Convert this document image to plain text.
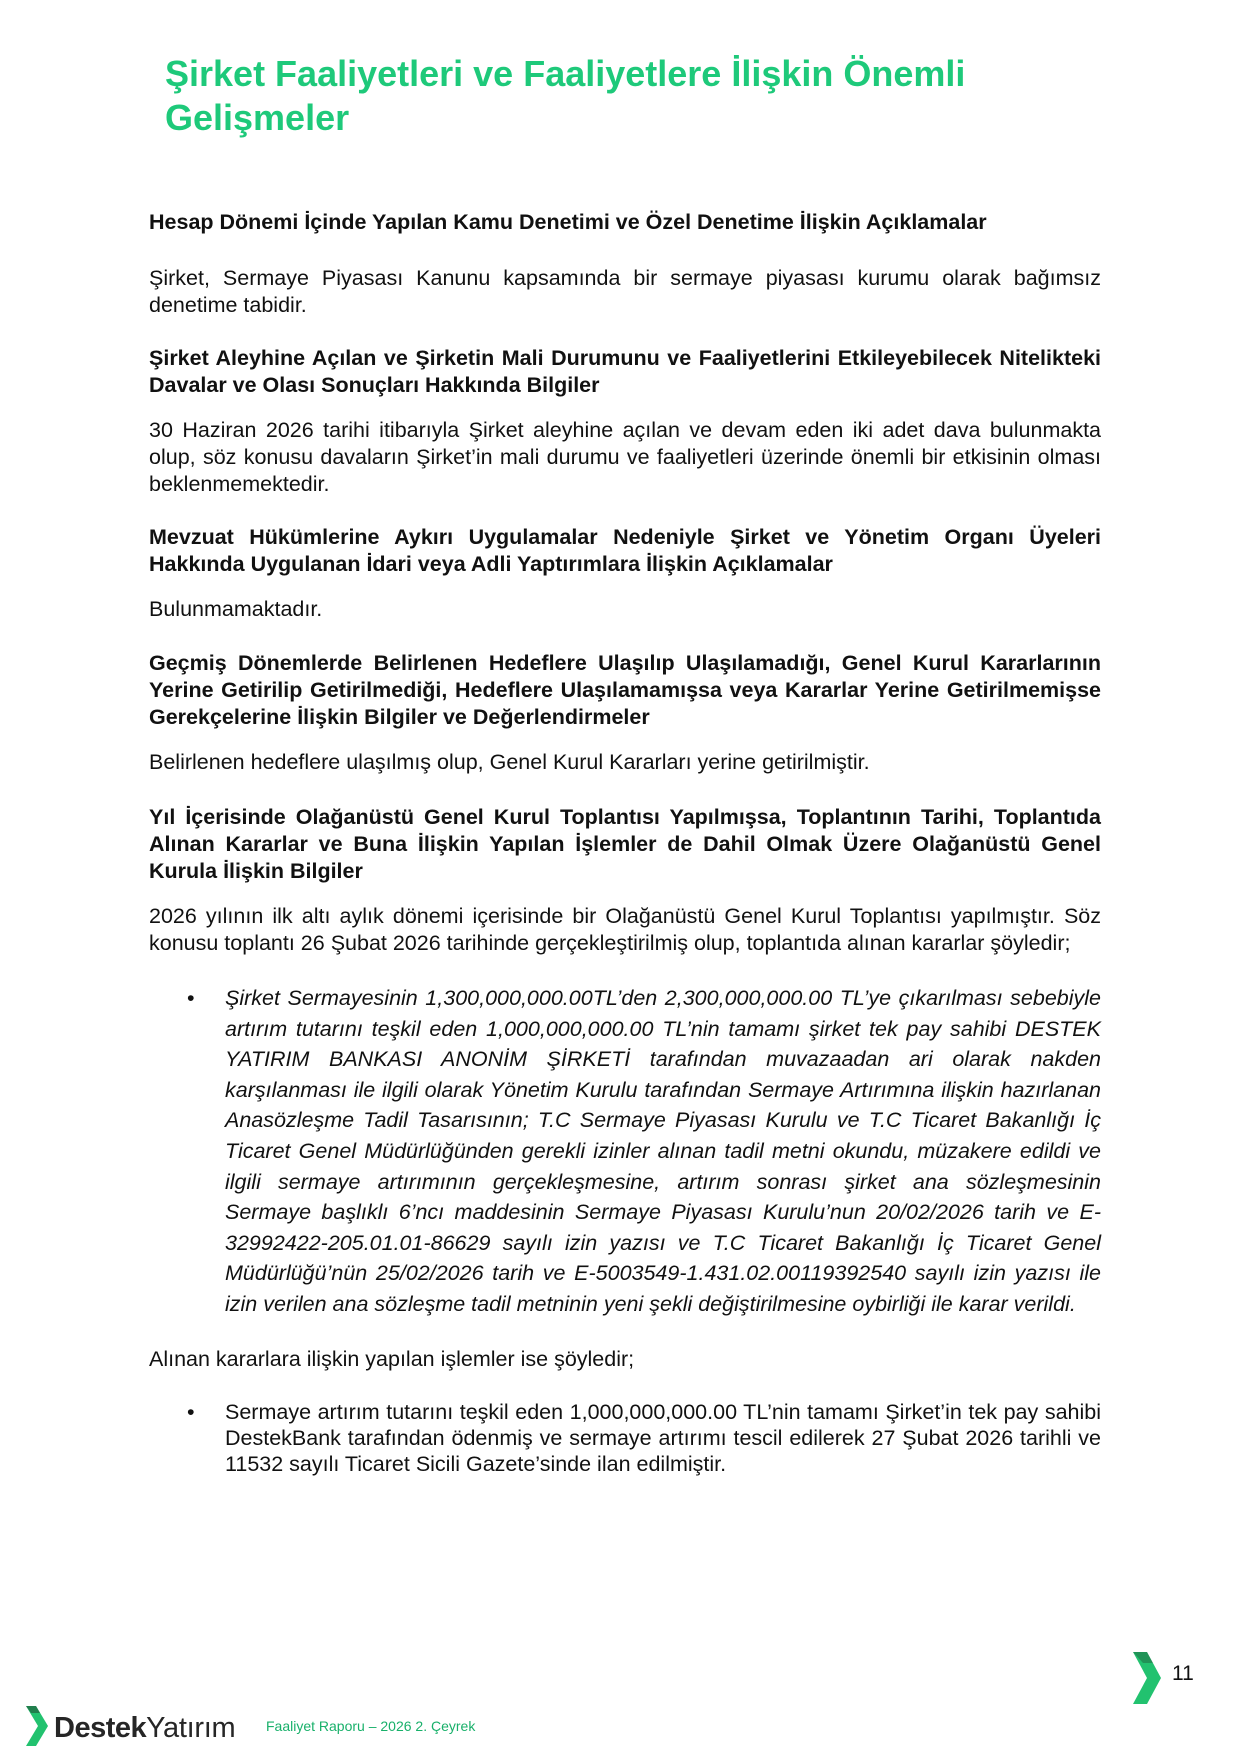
Şirket Faaliyetleri ve Faaliyetlere İlişkin Önemli Gelişmeler
Hesap Dönemi İçinde Yapılan Kamu Denetimi ve Özel Denetime İlişkin Açıklamalar
Şirket, Sermaye Piyasası Kanunu kapsamında bir sermaye piyasası kurumu olarak bağımsız denetime tabidir.
Şirket Aleyhine Açılan ve Şirketin Mali Durumunu ve Faaliyetlerini Etkileyebilecek Nitelikteki Davalar ve Olası Sonuçları Hakkında Bilgiler
30 Haziran 2026 tarihi itibarıyla Şirket aleyhine açılan ve devam eden iki adet dava bulunmakta olup, söz konusu davaların Şirket’in mali durumu ve faaliyetleri üzerinde önemli bir etkisinin olması beklenmemektedir.
Mevzuat Hükümlerine Aykırı Uygulamalar Nedeniyle Şirket ve Yönetim Organı Üyeleri Hakkında Uygulanan İdari veya Adli Yaptırımlara İlişkin Açıklamalar
Bulunmamaktadır.
Geçmiş Dönemlerde Belirlenen Hedeflere Ulaşılıp Ulaşılamadığı, Genel Kurul Kararlarının Yerine Getirilip Getirilmediği, Hedeflere Ulaşılamamışsa veya Kararlar Yerine Getirilmemişse Gerekçelerine İlişkin Bilgiler ve Değerlendirmeler
Belirlenen hedeflere ulaşılmış olup, Genel Kurul Kararları yerine getirilmiştir.
Yıl İçerisinde Olağanüstü Genel Kurul Toplantısı Yapılmışsa, Toplantının Tarihi, Toplantıda Alınan Kararlar ve Buna İlişkin Yapılan İşlemler de Dahil Olmak Üzere Olağanüstü Genel Kurula İlişkin Bilgiler
2026 yılının ilk altı aylık dönemi içerisinde bir Olağanüstü Genel Kurul Toplantısı yapılmıştır. Söz konusu toplantı 26 Şubat 2026 tarihinde gerçekleştirilmiş olup, toplantıda alınan kararlar şöyledir;
• Şirket Sermayesinin 1,300,000,000.00TL’den 2,300,000,000.00 TL’ye çıkarılması sebebiyle artırım tutarını teşkil eden 1,000,000,000.00 TL’nin tamamı şirket tek pay sahibi DESTEK YATIRIM BANKASI ANONİM ŞİRKETİ tarafından muvazaadan ari olarak nakden karşılanması ile ilgili olarak Yönetim Kurulu tarafından Sermaye Artırımına ilişkin hazırlanan Anasözleşme Tadil Tasarısının; T.C Sermaye Piyasası Kurulu ve T.C Ticaret Bakanlığı İç Ticaret Genel Müdürlüğünden gerekli izinler alınan tadil metni okundu, müzakere edildi ve ilgili sermaye artırımının gerçekleşmesine, artırım sonrası şirket ana sözleşmesinin Sermaye başlıklı 6’ncı maddesinin Sermaye Piyasası Kurulu’nun 20/02/2026 tarih ve E-32992422-205.01.01-86629 sayılı izin yazısı ve T.C Ticaret Bakanlığı İç Ticaret Genel Müdürlüğü’nün 25/02/2026 tarih ve E-5003549-1.431.02.00119392540 sayılı izin yazısı ile izin verilen ana sözleşme tadil metninin yeni şekli değiştirilmesine oybirliği ile karar verildi.
Alınan kararlara ilişkin yapılan işlemler ise şöyledir;
• Sermaye artırım tutarını teşkil eden 1,000,000,000.00 TL’nin tamamı Şirket’in tek pay sahibi DestekBank tarafından ödenmiş ve sermaye artırımı tescil edilerek 27 Şubat 2026 tarihli ve 11532 sayılı Ticaret Sicili Gazete’sinde ilan edilmiştir.
11
DestekYatırım Faaliyet Raporu – 2026 2. Çeyrek
